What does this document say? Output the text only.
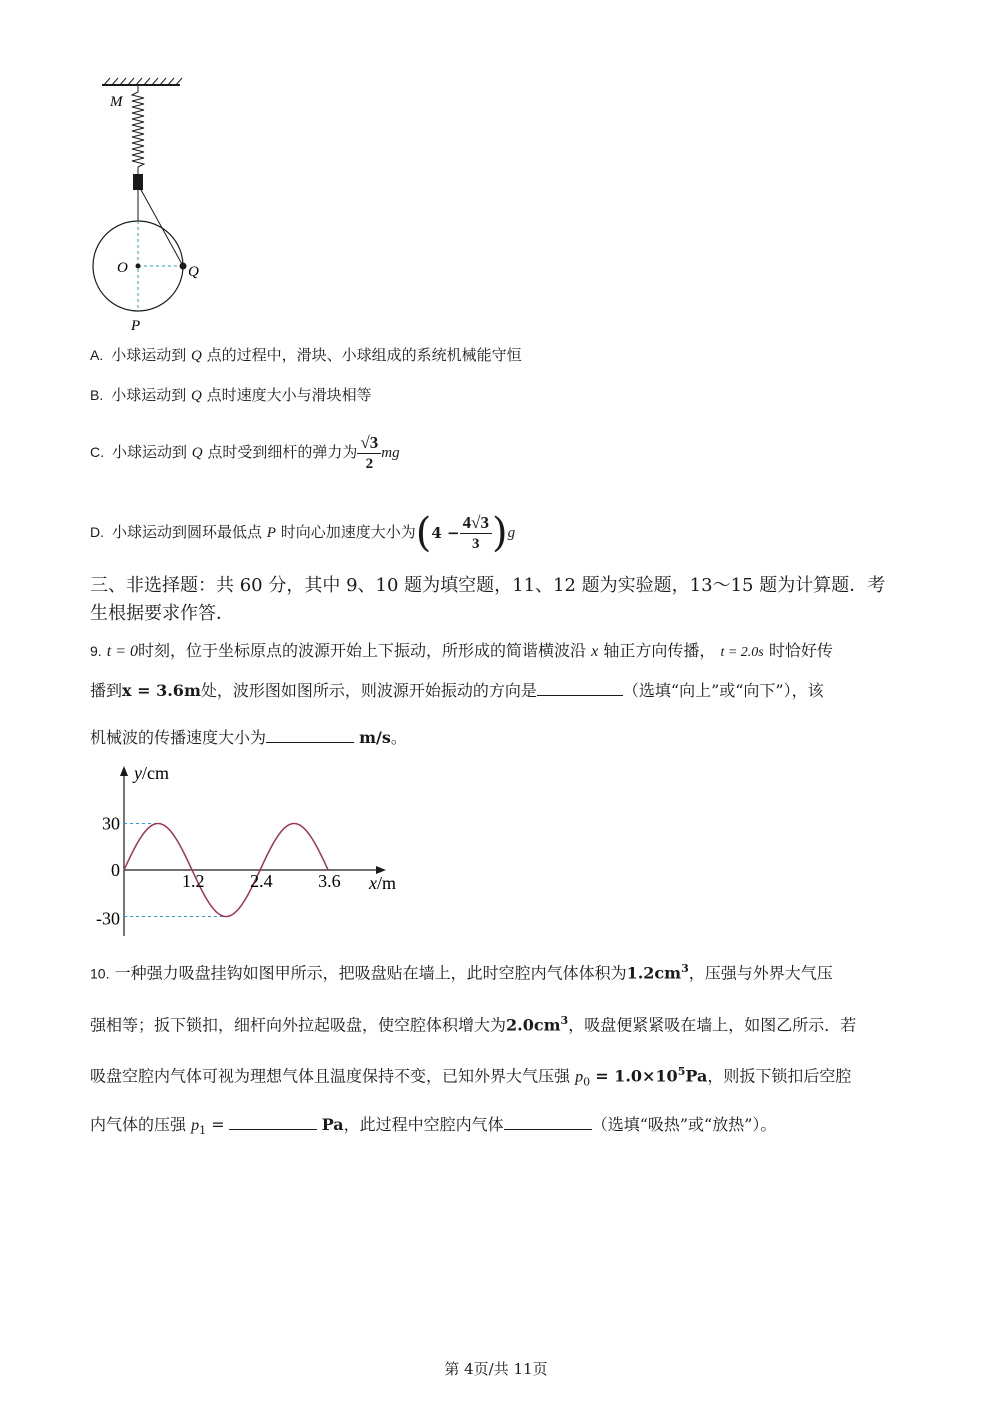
M
O	Q
P
A. 小球运动到 Q 点的过程中，滑块、小球组成的系统机械能守恒
B. 小球运动到 Q 点时速度大小与滑块相等
C. 小球运动到 Q 点时受到细杆的弹力为 $\frac{√3}{2}$ mg
D. 小球运动到圆环最低点 P 时向心加速度大小为$(4 - \frac{4√3}{3} )g$
三、非选择题：共 60 分，其中 9、10 题为填空题，11、12 题为实验题，13～15 题为计算题．考
生根据要求作答．
9. t = 0时刻，位于坐标原点的波源开始上下振动，所形成的简谐横波沿 x 轴正方向传播， t = 2.0s 时恰好传
播到x = 3.6m处，波形图如图所示，则波源开始振动的方向是	（选填“向上”或“向下”），该
机械波的传播速度大小为	m/s。
1.2	2.4	3.6
30
0
-30
y/cm
x/m
10. 一种强力吸盘挂钩如图甲所示，把吸盘贴在墙上，此时空腔内气体体积为$1.2cm^3$，压强与外界大气压
强相等；扳下锁扣，细杆向外拉起吸盘，使空腔体积增大为$2.0cm^3$，吸盘便紧紧吸在墙上，如图乙所示．若
吸盘空腔内气体可视为理想气体且温度保持不变，已知外界大气压强 $p_0 = 1.0\times 10^5Pa$，则扳下锁扣后空腔
内气体的压强 $p_1$ =	Pa，此过程中空腔内气体	（选填“吸热”或“放热”）。
第 4页/共 11页
